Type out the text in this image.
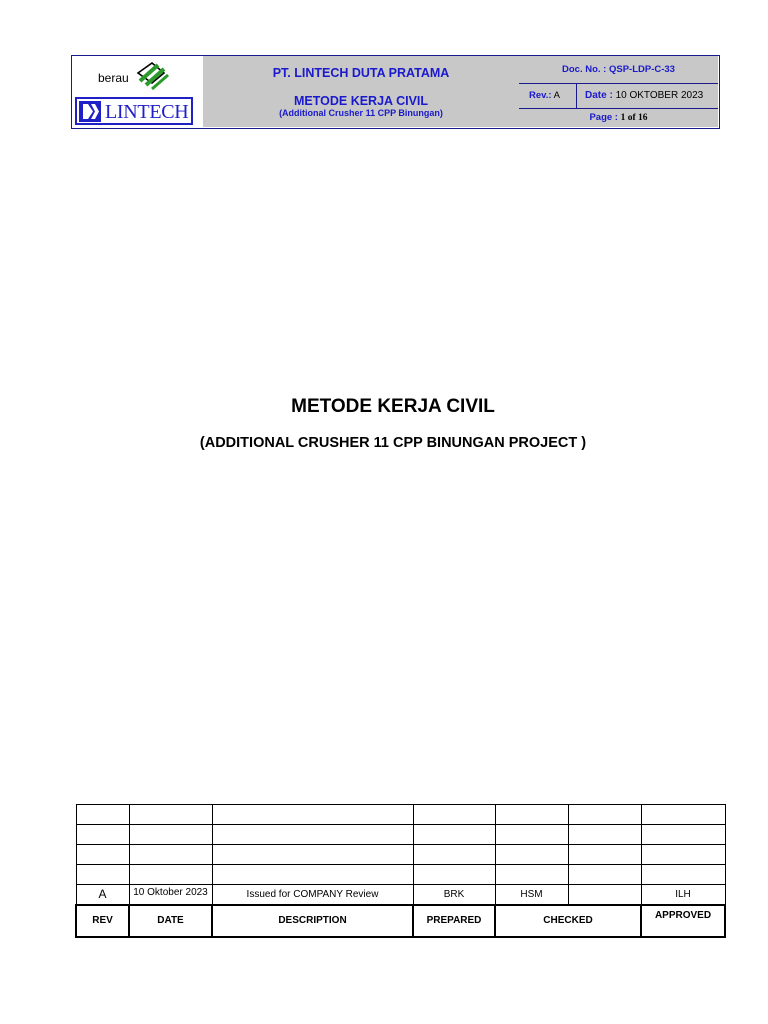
berau
LINTECH
PT. LINTECH DUTA PRATAMA
METODE KERJA CIVIL
(Additional Crusher 11 CPP Binungan)
Doc. No. : QSP-LDP-C-33
Rev.: A	Date : 10 OKTOBER 2023
Page : 1 of 16
METODE KERJA CIVIL
(ADDITIONAL CRUSHER 11 CPP BINUNGAN PROJECT )

A	10 Oktober 2023	Issued for COMPANY Review	BRK	HSM		ILH
REV	DATE	DESCRIPTION	PREPARED	CHECKED		APPROVED
